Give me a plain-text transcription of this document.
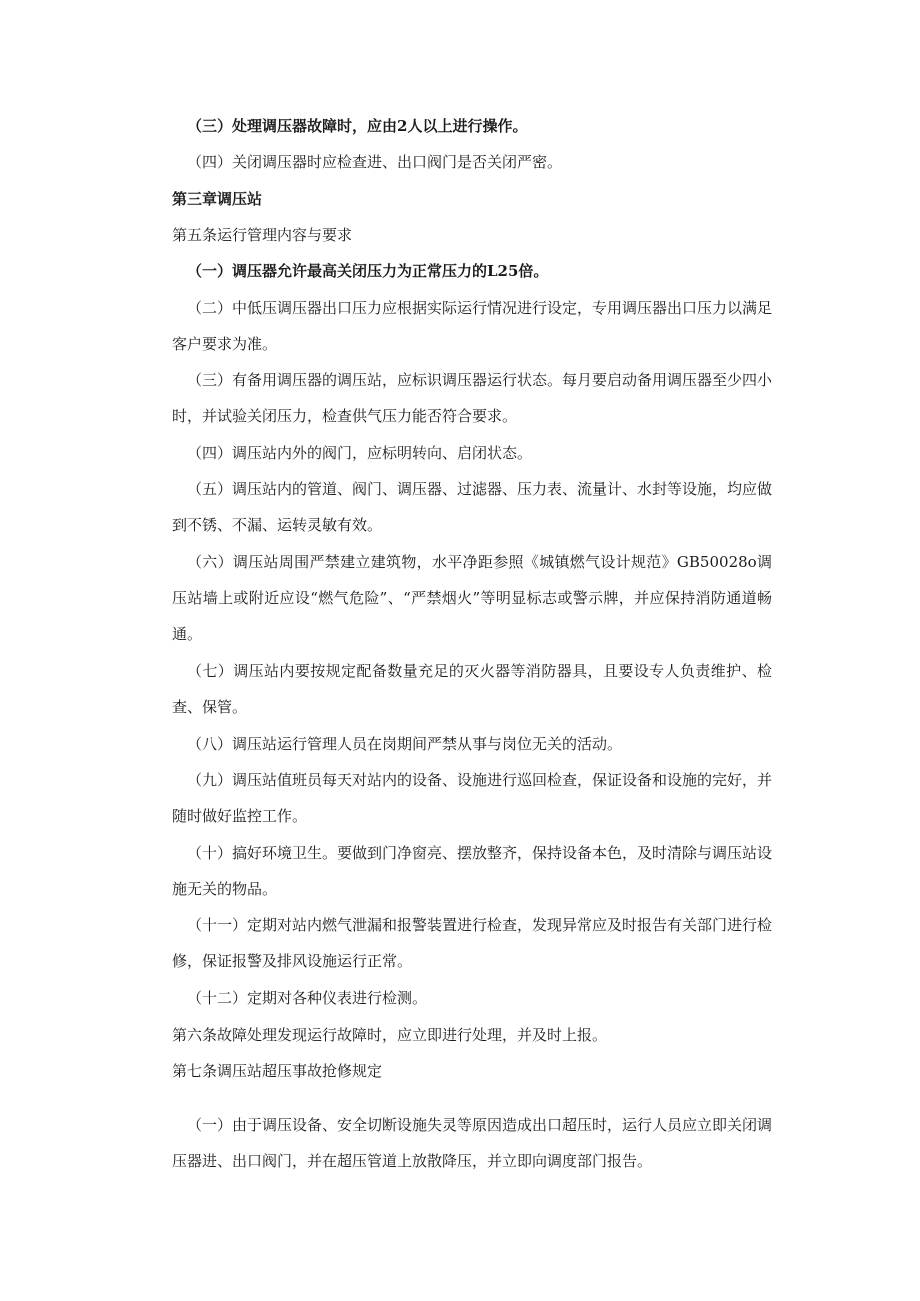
（三）处理调压器故障时，应由2人以上进行操作。

（四）关闭调压器时应检查进、出口阀门是否关闭严密。

第三章调压站

第五条运行管理内容与要求

（一）调压器允许最高关闭压力为正常压力的L25倍。

（二）中低压调压器出口压力应根据实际运行情况进行设定，专用调压器出口压力以满足客户要求为准。

（三）有备用调压器的调压站，应标识调压器运行状态。每月要启动备用调压器至少四小时，并试验关闭压力，检查供气压力能否符合要求。

（四）调压站内外的阀门，应标明转向、启闭状态。

（五）调压站内的管道、阀门、调压器、过滤器、压力表、流量计、水封等设施，均应做到不锈、不漏、运转灵敏有效。

（六）调压站周围严禁建立建筑物，水平净距参照《城镇燃气设计规范》GB50028o调压站墙上或附近应设“燃气危险”、“严禁烟火”等明显标志或警示牌，并应保持消防通道畅通。

（七）调压站内要按规定配备数量充足的灭火器等消防器具，且要设专人负责维护、检查、保管。

（八）调压站运行管理人员在岗期间严禁从事与岗位无关的活动。

（九）调压站值班员每天对站内的设备、设施进行巡回检查，保证设备和设施的完好，并随时做好监控工作。

（十）搞好环境卫生。要做到门净窗亮、摆放整齐，保持设备本色，及时清除与调压站设施无关的物品。

（十一）定期对站内燃气泄漏和报警装置进行检查，发现异常应及时报告有关部门进行检修，保证报警及排风设施运行正常。

（十二）定期对各种仪表进行检测。

第六条故障处理发现运行故障时，应立即进行处理，并及时上报。

第七条调压站超压事故抢修规定

（一）由于调压设备、安全切断设施失灵等原因造成出口超压时，运行人员应立即关闭调压器进、出口阀门，并在超压管道上放散降压，并立即向调度部门报告。
